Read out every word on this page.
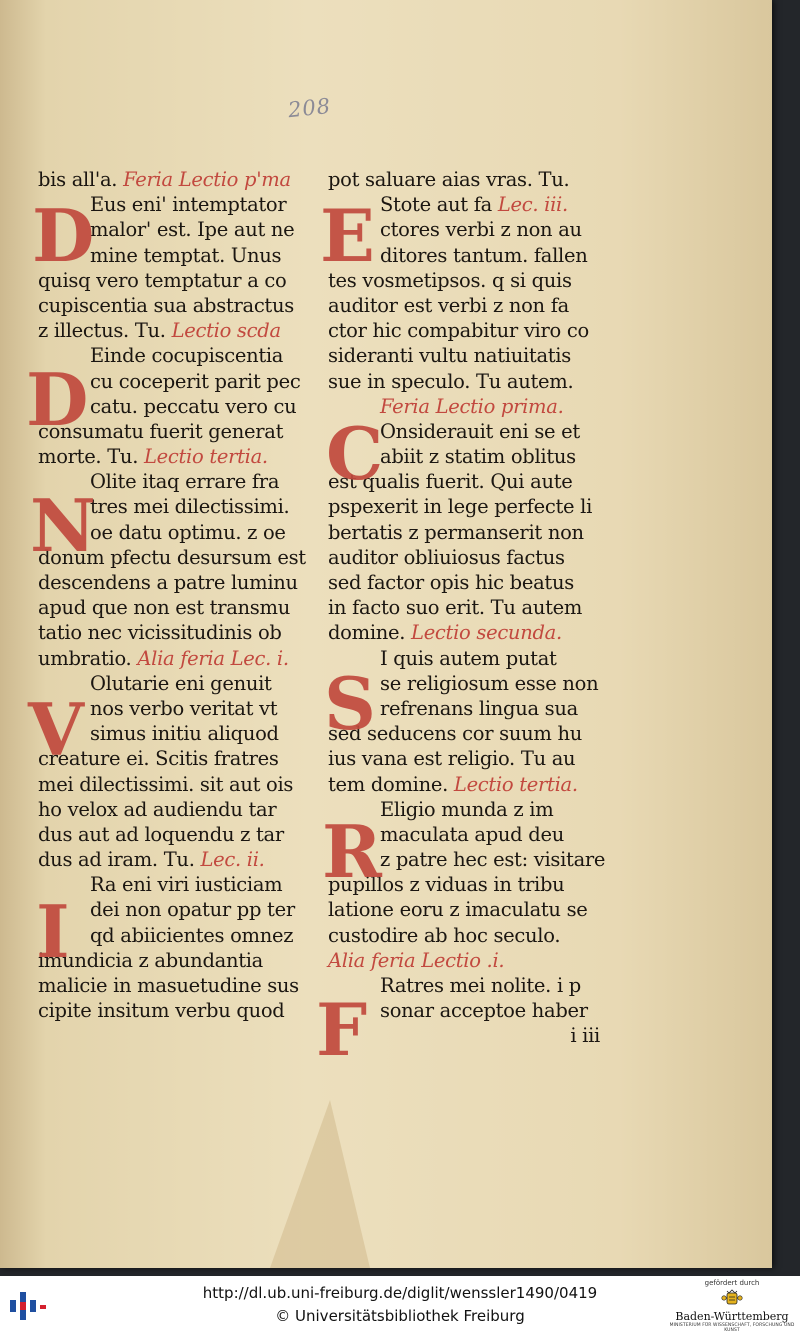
208
bis all'a. Feria Lectio p'ma
Eus eni' intemptator
malor' est. Ipe aut ne
mine temptat. Unus
quisq vero temptatur a co
cupiscentia sua abstractus
z illectus. Tu. Lectio scda
Einde cocupiscentia
cu coceperit parit pec
catu. peccatu vero cu
consumatu fuerit generat
morte. Tu. Lectio tertia.
Olite itaq errare fra
tres mei dilectissimi.
oe datu optimu. z oe
donum pfectu desursum est
descendens a patre luminu
apud que non est transmu
tatio nec vicissitudinis ob
umbratio. Alia feria Lec. i.
Olutarie eni genuit
nos verbo veritat vt
simus initiu aliquod
creature ei. Scitis fratres
mei dilectissimi. sit aut ois
ho velox ad audiendu tar
dus aut ad loquendu z tar
dus ad iram. Tu. Lec. ii.
Ra eni viri iusticiam
dei non opatur pp ter
qd abiicientes omnez
imundicia z abundantia
malicie in masuetudine sus
cipite insitum verbu quod
pot saluare aias vras. Tu.
Stote aut fa Lec. iii.
ctores verbi z non au
ditores tantum. fallen
tes vosmetipsos. q si quis
auditor est verbi z non fa
ctor hic compabitur viro co
sideranti vultu natiuitatis
sue in speculo. Tu autem.
Feria Lectio prima.
Onsiderauit eni se et
abiit z statim oblitus
est qualis fuerit. Qui aute
pspexerit in lege perfecte li
bertatis z permanserit non
auditor obliuiosus factus
sed factor opis hic beatus
in facto suo erit. Tu autem
domine. Lectio secunda.
I quis autem putat
se religiosum esse non
refrenans lingua sua
sed seducens cor suum hu
ius vana est religio. Tu au
tem domine. Lectio tertia.
Eligio munda z im
maculata apud deu
z patre hec est: visitare
pupillos z viduas in tribu
latione eoru z imaculatu se
custodire ab hoc seculo.
Alia feria Lectio .i.
Ratres mei nolite. i p
sonar acceptoe haber
i iii
D
D
N
V
I
E
C
S
R
F
http://dl.ub.uni-freiburg.de/diglit/wenssler1490/0419
© Universitätsbibliothek Freiburg
gefördert durch
Baden-Württemberg
MINISTERIUM FÜR WISSENSCHAFT, FORSCHUNG UND KUNST
